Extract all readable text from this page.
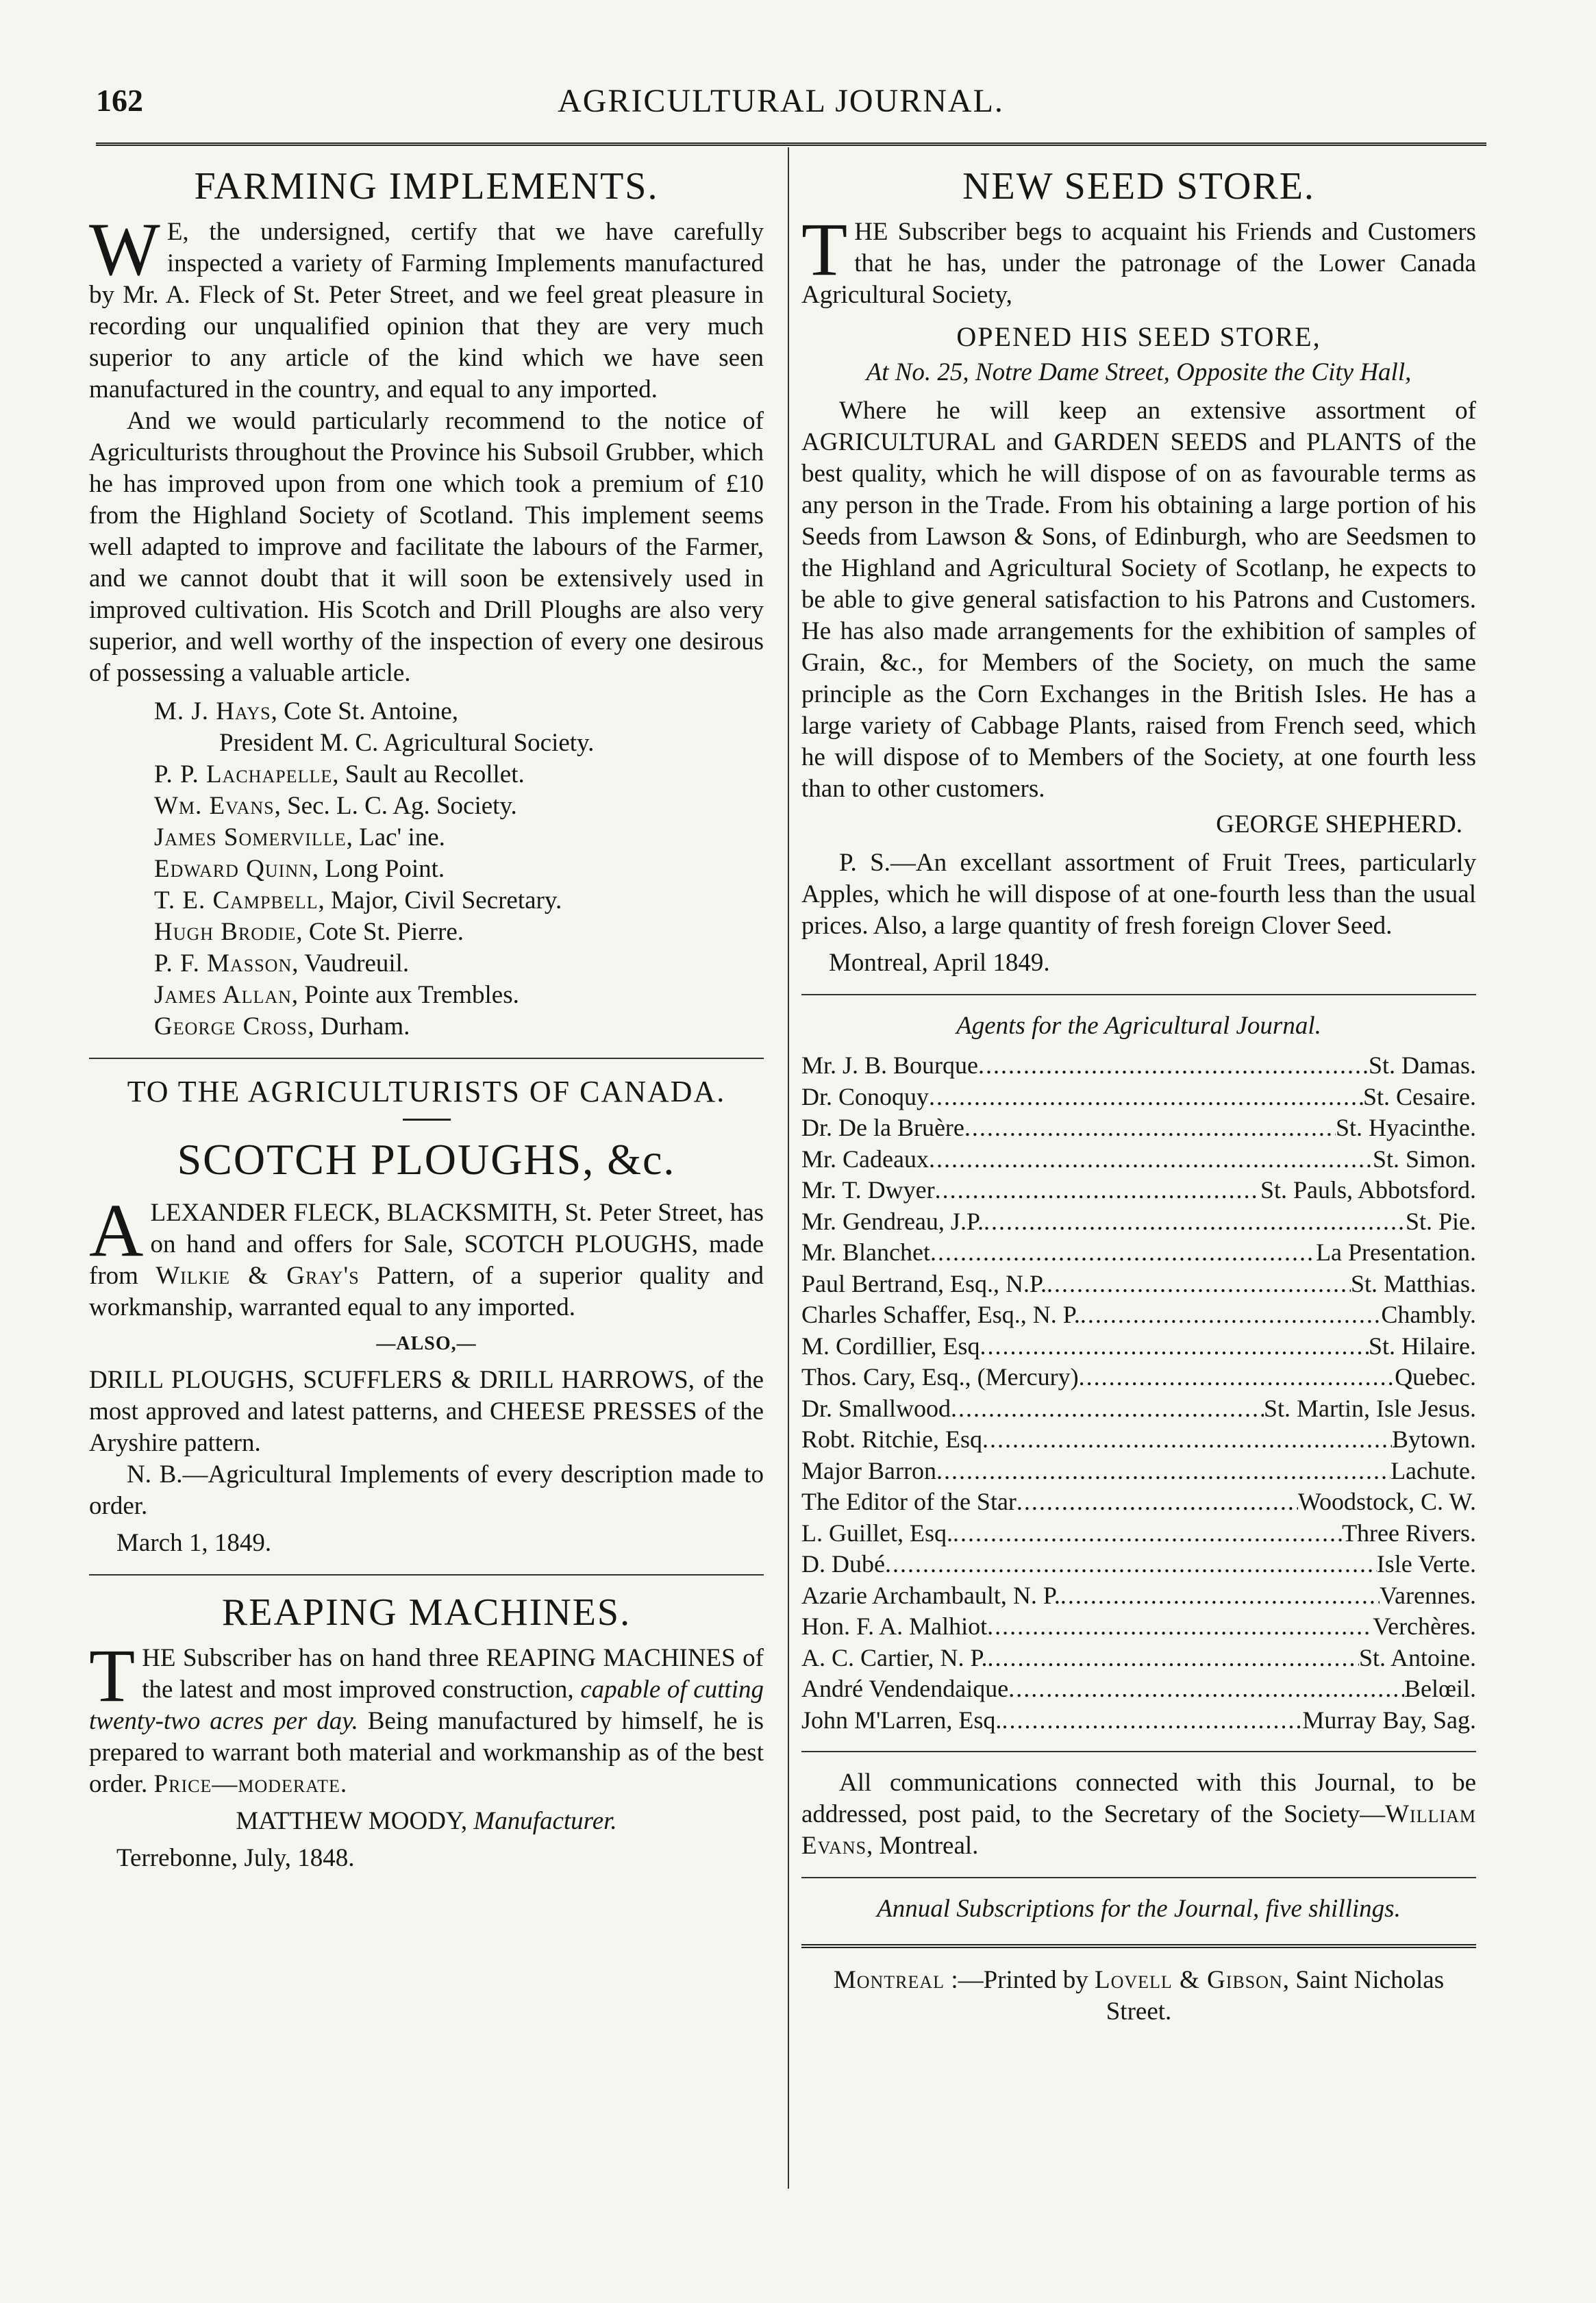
162	AGRICULTURAL JOURNAL.
FARMING IMPLEMENTS.

W E, the undersigned, certify that we have carefully inspected a variety of Farming Implements manufactured by Mr. A. Fleck of St. Peter Street, and we feel great pleasure in recording our unqualified opinion that they are very much superior to any article of the kind which we have seen manufactured in the country, and equal to any imported.

And we would particularly recommend to the notice of Agriculturists throughout the Province his Subsoil Grubber, which he has improved upon from one which took a premium of £10 from the Highland Society of Scotland. This implement seems well adapted to improve and facilitate the labours of the Farmer, and we cannot doubt that it will soon be extensively used in improved cultivation. His Scotch and Drill Ploughs are also very superior, and well worthy of the inspection of every one desirous of possessing a valuable article.

M. J. Hays, Cote St. Antoine,

President M. C. Agricultural Society.

P. P. Lachapelle, Sault au Recollet.

Wm. Evans, Sec. L. C. Ag. Society.

James Somerville, Lac' ine.

Edward Quinn, Long Point.

T. E. Campbell, Major, Civil Secretary.

Hugh Brodie, Cote St. Pierre.

P. F. Masson, Vaudreuil.

James Allan, Pointe aux Trembles.

George Cross, Durham.

TO THE AGRICULTURISTS OF CANADA.
SCOTCH PLOUGHS, &c.

ALEXANDER FLECK, BLACKSMITH, St. Peter Street, has on hand and offers for Sale, SCOTCH PLOUGHS, made from Wilkie & Gray's Pattern, of a superior quality and workmanship, warranted equal to any imported.

—ALSO,—

DRILL PLOUGHS, SCUFFLERS & DRILL HARROWS, of the most approved and latest patterns, and CHEESE PRESSES of the Aryshire pattern.

N. B.—Agricultural Implements of every description made to order.

March 1, 1849.

REAPING MACHINES.

THE Subscriber has on hand three REAPING MACHINES of the latest and most improved construction, capable of cutting twenty-two acres per day. Being manufactured by himself, he is prepared to warrant both material and workmanship as of the best order. Price—moderate.

MATTHEW MOODY, Manufacturer.

Terrebonne, July, 1848.

NEW SEED STORE.

THE Subscriber begs to acquaint his Friends and Customers that he has, under the patronage of the Lower Canada Agricultural Society,

OPENED HIS SEED STORE,

At No. 25, Notre Dame Street, Opposite the City Hall,

Where he will keep an extensive assortment of AGRICULTURAL and GARDEN SEEDS and PLANTS of the best quality, which he will dispose of on as favourable terms as any person in the Trade. From his obtaining a large portion of his Seeds from Lawson & Sons, of Edinburgh, who are Seedsmen to the Highland and Agricultural Society of Scotlanp, he expects to be able to give general satisfaction to his Patrons and Customers. He has also made arrangements for the exhibition of samples of Grain, &c., for Members of the Society, on much the same principle as the Corn Exchanges in the British Isles. He has a large variety of Cabbage Plants, raised from French seed, which he will dispose of to Members of the Society, at one fourth less than to other customers.

GEORGE SHEPHERD.

P. S.—An excellant assortment of Fruit Trees, particularly Apples, which he will dispose of at one-fourth less than the usual prices. Also, a large quantity of fresh foreign Clover Seed.

Montreal, April 1849.

Agents for the Agricultural Journal.

Mr. J. B. Bourque .....	St. Damas.
Dr. Conoquy .....	St. Cesaire.
Dr. De la Bruère .....	St. Hyacinthe.
Mr. Cadeaux .....	St. Simon.
Mr. T. Dwyer .....	St. Pauls, Abbotsford.
Mr. Gendreau, J.P. .....	St. Pie.
Mr. Blanchet .....	La Presentation.
Paul Bertrand, Esq., N.P. .....	St. Matthias.
Charles Schaffer, Esq., N. P. .....	Chambly.
M. Cordillier, Esq .....	St. Hilaire.
Thos. Cary, Esq., (Mercury) .....	Quebec.
Dr. Smallwood .....	St. Martin, Isle Jesus.
Robt. Ritchie, Esq .....	Bytown.
Major Barron .....	Lachute.
The Editor of the Star .....	Woodstock, C. W.
L. Guillet, Esq. .....	Three Rivers.
D. Dubé .....	Isle Verte.
Azarie Archambault, N. P. .....	Varennes.
Hon. F. A. Malhiot .....	Verchères.
A. C. Cartier, N. P. .....	St. Antoine.
André Vendendaique .....	Belœil.
John M'Larren, Esq. .....	Murray Bay, Sag.

All communications connected with this Journal, to be addressed, post paid, to the Secretary of the Society—William Evans, Montreal.

Annual Subscriptions for the Journal, five shillings.

Montreal :—Printed by Lovell & Gibson, Saint Nicholas Street.
